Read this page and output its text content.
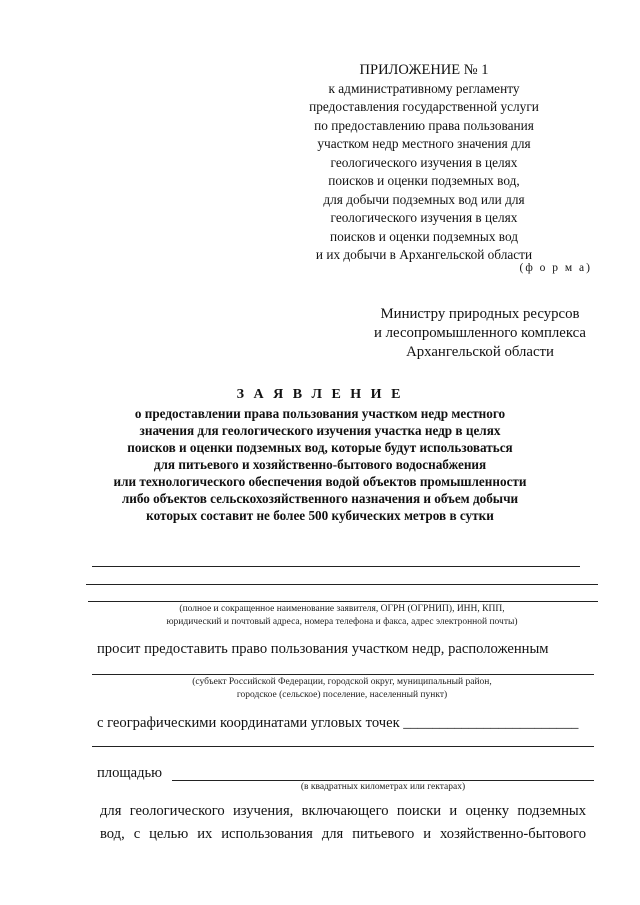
ПРИЛОЖЕНИЕ № 1
к административному регламенту
предоставления государственной услуги
по предоставлению права пользования
участком недр местного значения для
геологического изучения в целях
поисков и оценки подземных вод,
для добычи подземных вод или для
геологического изучения в целях
поисков и оценки подземных вод
и их добычи в Архангельской области
(ф о р м а)
Министру природных ресурсов
и лесопромышленного комплекса
Архангельской области
З А Я В Л Е Н И Е
о предоставлении права пользования участком недр местного
значения для геологического изучения участка недр в целях
поисков и оценки подземных вод, которые будут использоваться
для питьевого и хозяйственно-бытового водоснабжения
или технологического обеспечения водой объектов промышленности
либо объектов сельскохозяйственного назначения и объем добычи
которых составит не более 500 кубических метров в сутки
(полное и сокращенное наименование заявителя, ОГРН (ОГРНИП), ИНН, КПП,
юридический и почтовый адреса, номера телефона и факса, адрес электронной почты)
просит предоставить право пользования участком недр, расположенным
(субъект Российской Федерации, городской округ, муниципальный район,
городское (сельское) поселение, населенный пункт)
с географическими координатами угловых точек ________________________
площадью
(в квадратных километрах или гектарах)
для геологического изучения, включающего поиски и оценку подземных
вод, с целью их использования для питьевого и хозяйственно-бытового
